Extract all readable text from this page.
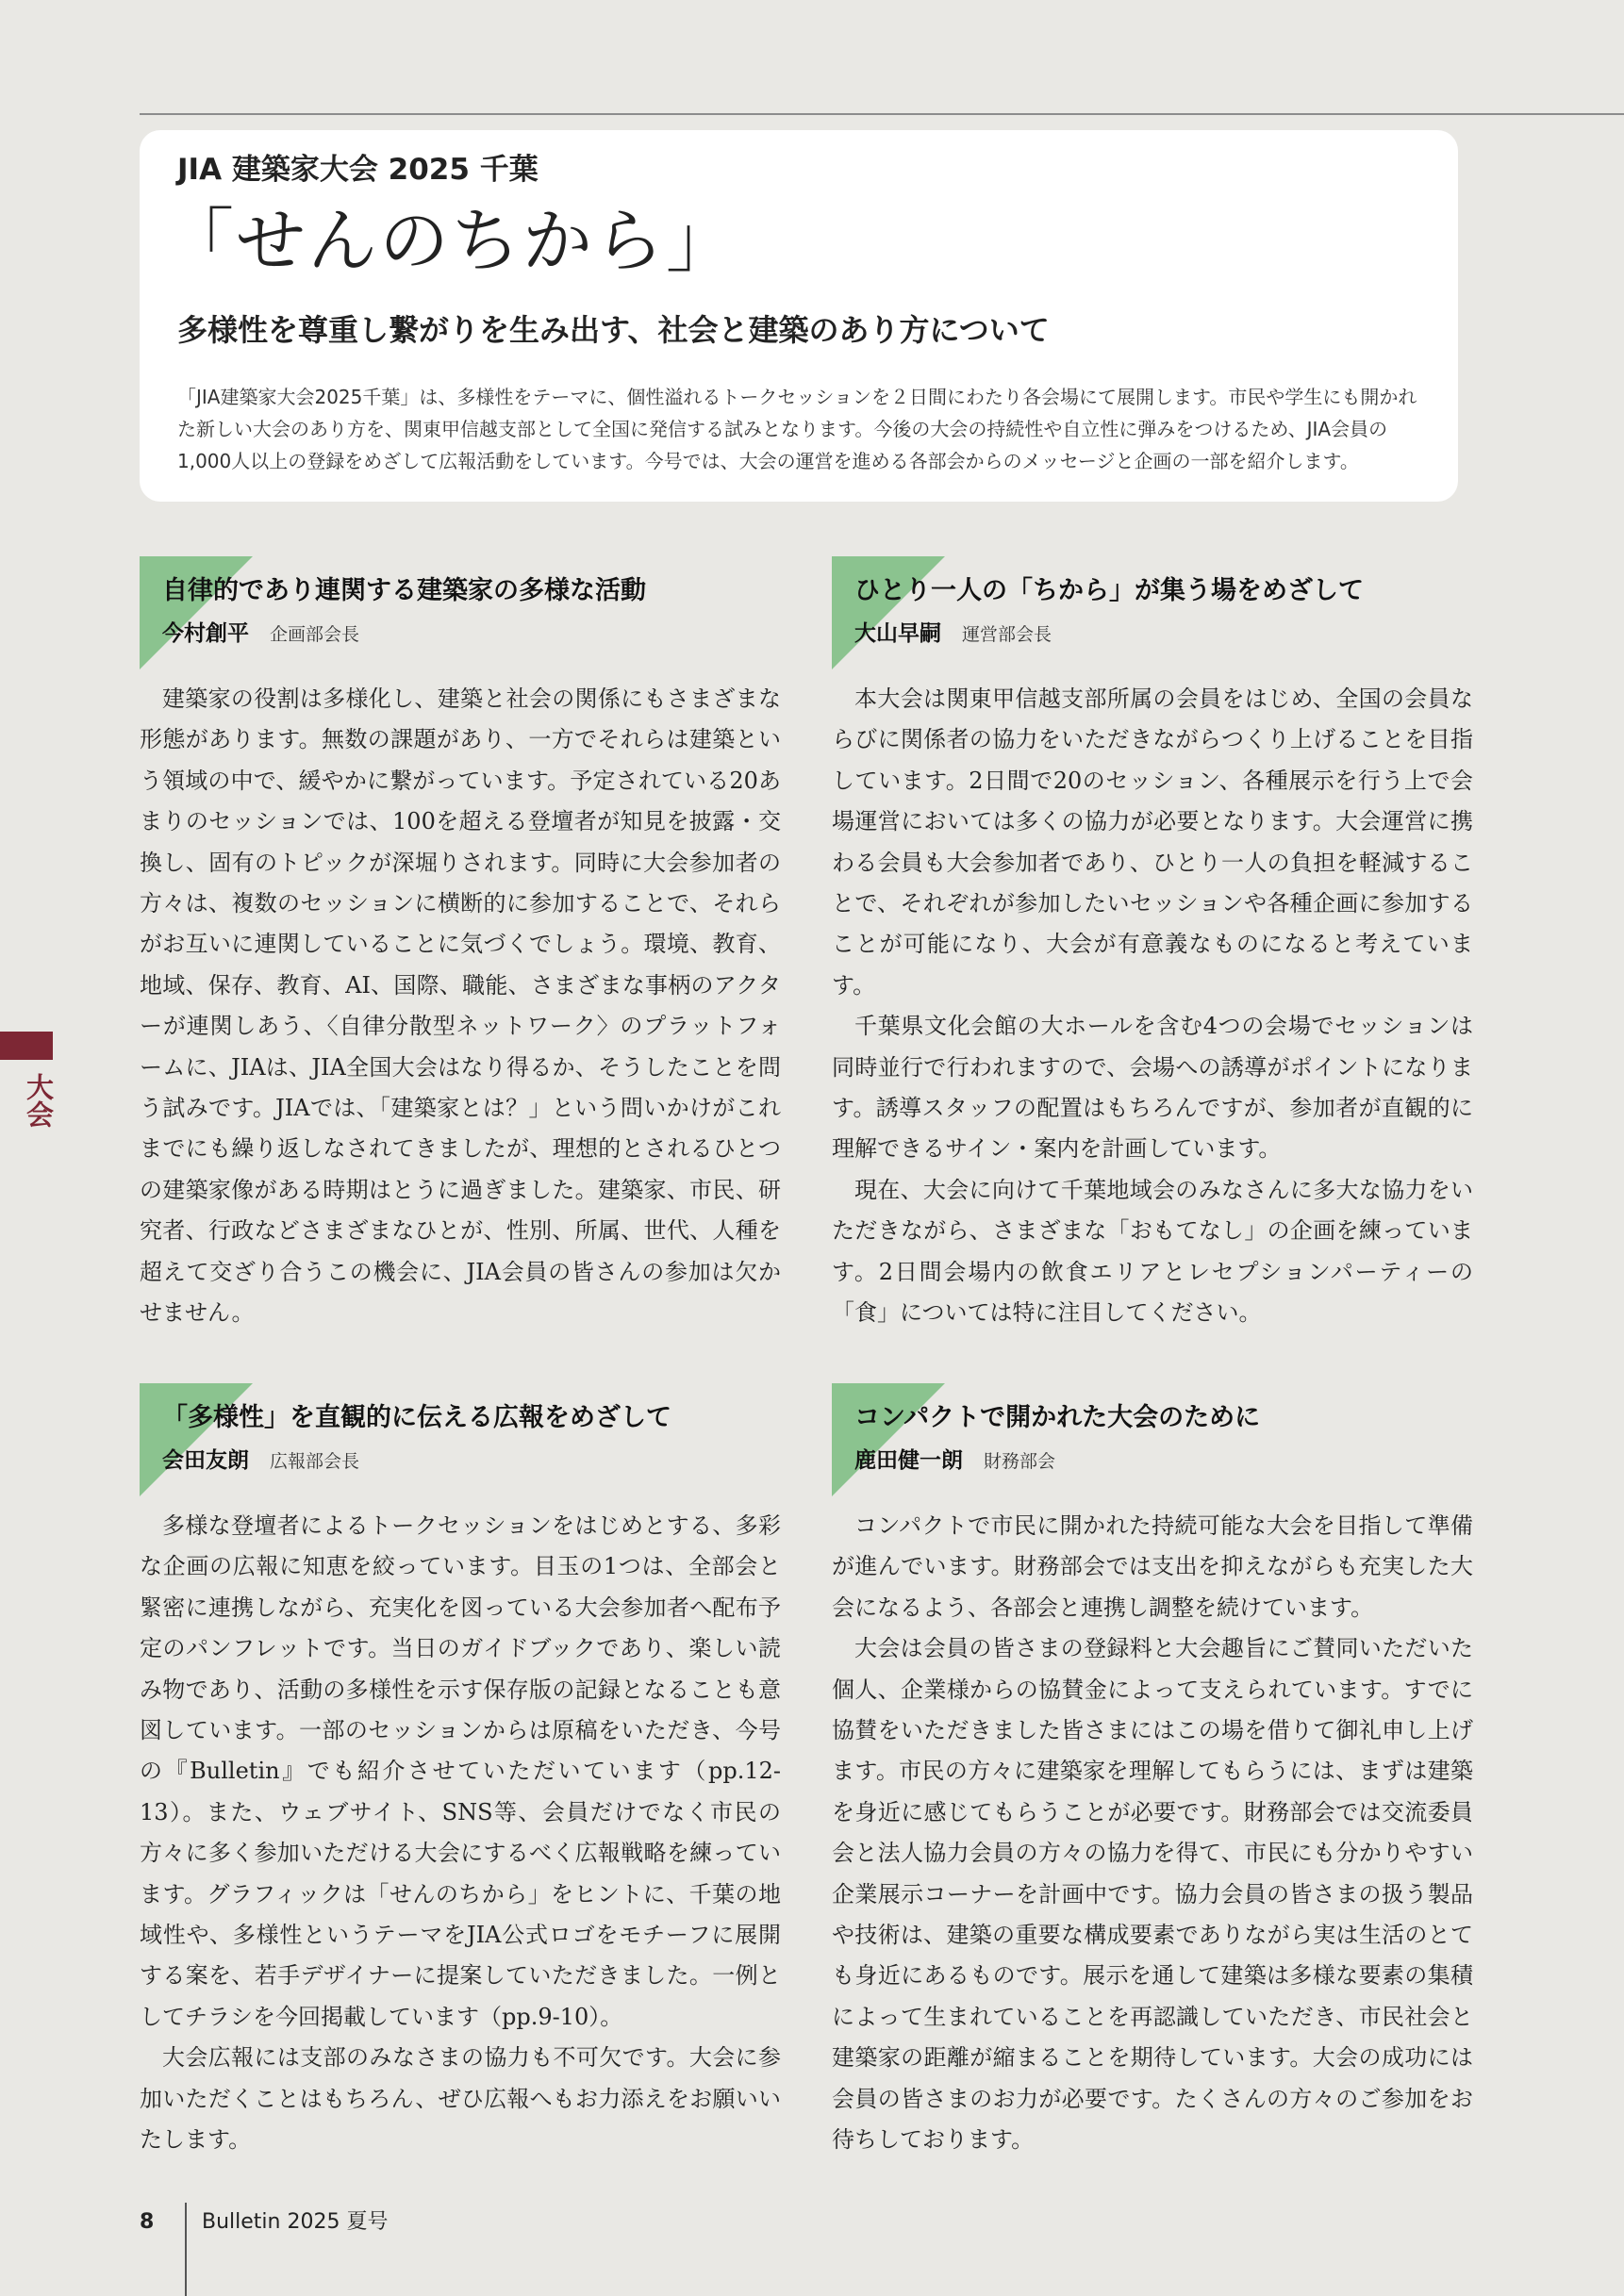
JIA 建築家大会 2025 千葉
「せんのちから」
多様性を尊重し繋がりを生み出す、社会と建築のあり方について

「JIA建築家大会2025千葉」は、多様性をテーマに、個性溢れるトークセッションを２日間にわたり各会場にて展開します。市民や学生にも開かれた新しい大会のあり方を、関東甲信越支部として全国に発信する試みとなります。今後の大会の持続性や自立性に弾みをつけるため、JIA会員の1,000人以上の登録をめざして広報活動をしています。今号では、大会の運営を進める各部会からのメッセージと企画の一部を紹介します。

大会
自律的であり連関する建築家の多様な活動
今村創平 企画部会長

建築家の役割は多様化し、建築と社会の関係にもさまざまな形態があります。無数の課題があり、一方でそれらは建築という領域の中で、緩やかに繋がっています。予定されている20あまりのセッションでは、100を超える登壇者が知見を披露・交換し、固有のトピックが深堀りされます。同時に大会参加者の方々は、複数のセッションに横断的に参加することで、それらがお互いに連関していることに気づくでしょう。環境、教育、地域、保存、教育、AI、国際、職能、さまざまな事柄のアクターが連関しあう、〈自律分散型ネットワーク〉のプラットフォームに、JIAは、JIA全国大会はなり得るか、そうしたことを問う試みです。JIAでは、「建築家とは？」という問いかけがこれまでにも繰り返しなされてきましたが、理想的とされるひとつの建築家像がある時期はとうに過ぎました。建築家、市民、研究者、行政などさまざまなひとが、性別、所属、世代、人種を超えて交ざり合うこの機会に、JIA会員の皆さんの参加は欠かせません。

ひとり一人の「ちから」が集う場をめざして
大山早嗣 運営部会長

本大会は関東甲信越支部所属の会員をはじめ、全国の会員ならびに関係者の協力をいただきながらつくり上げることを目指しています。2日間で20のセッション、各種展示を行う上で会場運営においては多くの協力が必要となります。大会運営に携わる会員も大会参加者であり、ひとり一人の負担を軽減することで、それぞれが参加したいセッションや各種企画に参加することが可能になり、大会が有意義なものになると考えています。

千葉県文化会館の大ホールを含む4つの会場でセッションは同時並行で行われますので、会場への誘導がポイントになります。誘導スタッフの配置はもちろんですが、参加者が直観的に理解できるサイン・案内を計画しています。

現在、大会に向けて千葉地域会のみなさんに多大な協力をいただきながら、さまざまな「おもてなし」の企画を練っています。2日間会場内の飲食エリアとレセプションパーティーの「食」については特に注目してください。

「多様性」を直観的に伝える広報をめざして
会田友朗 広報部会長

多様な登壇者によるトークセッションをはじめとする、多彩な企画の広報に知恵を絞っています。目玉の1つは、全部会と緊密に連携しながら、充実化を図っている大会参加者へ配布予定のパンフレットです。当日のガイドブックであり、楽しい読み物であり、活動の多様性を示す保存版の記録となることも意図しています。一部のセッションからは原稿をいただき、今号の『Bulletin』でも紹介させていただいています（pp.12-13）。また、ウェブサイト、SNS等、会員だけでなく市民の方々に多く参加いただける大会にするべく広報戦略を練っています。グラフィックは「せんのちから」をヒントに、千葉の地域性や、多様性というテーマをJIA公式ロゴをモチーフに展開する案を、若手デザイナーに提案していただきました。一例としてチラシを今回掲載しています（pp.9-10）。

大会広報には支部のみなさまの協力も不可欠です。大会に参加いただくことはもちろん、ぜひ広報へもお力添えをお願いいたします。

コンパクトで開かれた大会のために
鹿田健一朗 財務部会

コンパクトで市民に開かれた持続可能な大会を目指して準備が進んでいます。財務部会では支出を抑えながらも充実した大会になるよう、各部会と連携し調整を続けています。

大会は会員の皆さまの登録料と大会趣旨にご賛同いただいた個人、企業様からの協賛金によって支えられています。すでに協賛をいただきました皆さまにはこの場を借りて御礼申し上げます。市民の方々に建築家を理解してもらうには、まずは建築を身近に感じてもらうことが必要です。財務部会では交流委員会と法人協力会員の方々の協力を得て、市民にも分かりやすい企業展示コーナーを計画中です。協力会員の皆さまの扱う製品や技術は、建築の重要な構成要素でありながら実は生活のとても身近にあるものです。展示を通して建築は多様な要素の集積によって生まれていることを再認識していただき、市民社会と建築家の距離が縮まることを期待しています。大会の成功には会員の皆さまのお力が必要です。たくさんの方々のご参加をお待ちしております。

8 Bulletin 2025 夏号
